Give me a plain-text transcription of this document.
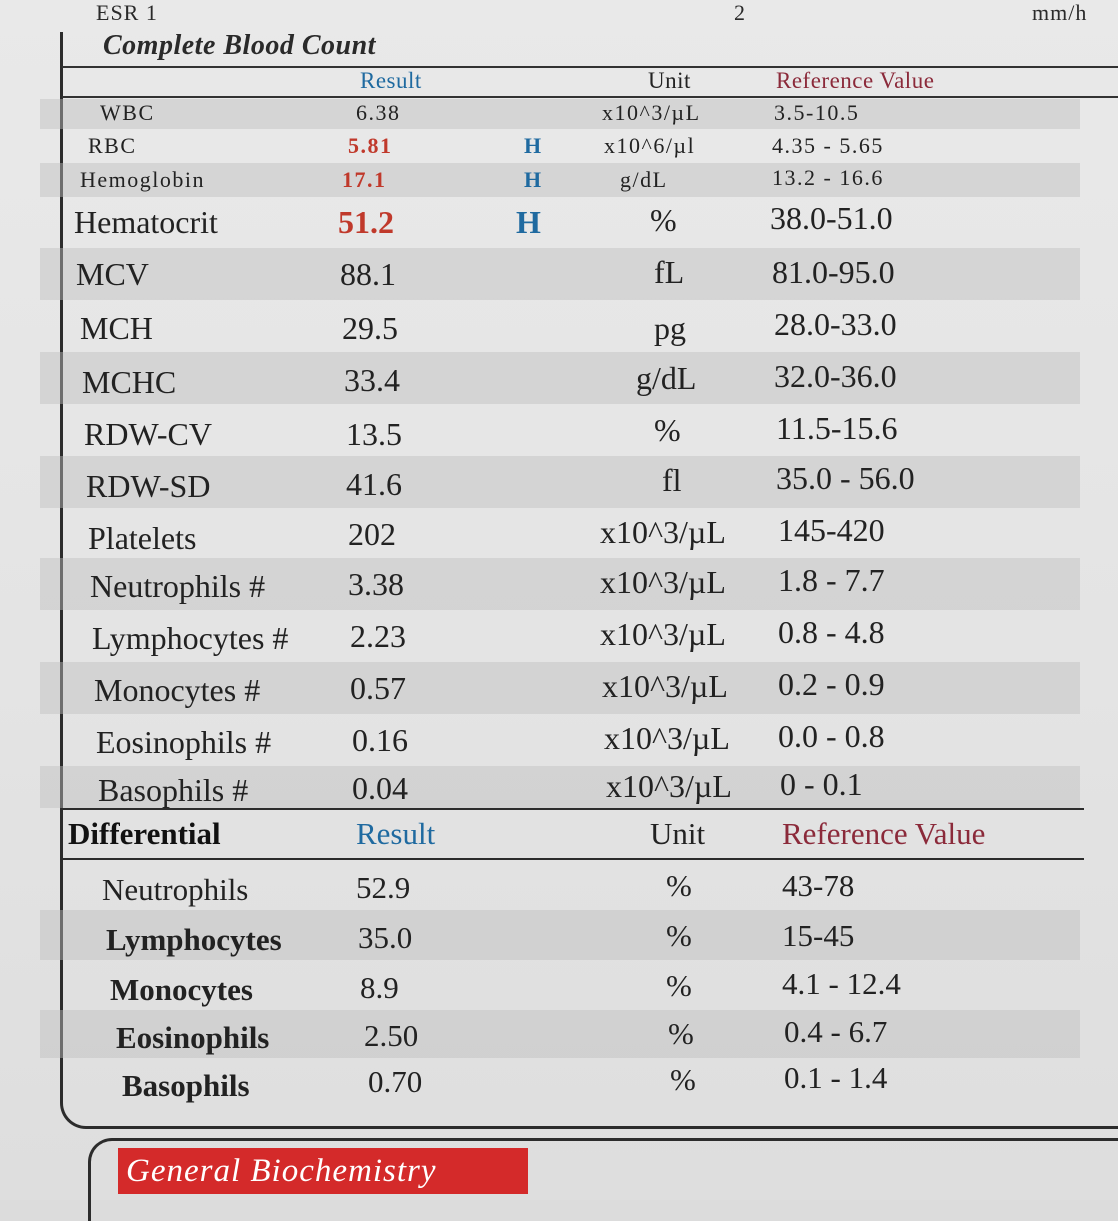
ESR 1	2	mm/h
Complete Blood Count
Result	Unit	Reference Value
WBC	6.38	x10^3/µL	3.5-10.5
RBC	5.81	H	x10^6/µl	4.35 - 5.65
Hemoglobin	17.1	H	g/dL	13.2 - 16.6
Hematocrit	51.2	H	%	38.0-51.0
MCV	88.1	fL	81.0-95.0
MCH	29.5	pg	28.0-33.0
MCHC	33.4	g/dL 32.0-36.0
RDW-CV	13.5	%	11.5-15.6
RDW-SD	41.6	fl	35.0 - 56.0
Platelets	202	x10^3/µL 145-420
Neutrophils #	3.38	x10^3/µL 1.8 - 7.7
Lymphocytes # 2.23	x10^3/µL 0.8 - 4.8
Monocytes #	0.57	x10^3/µL 0.2 - 0.9
Eosinophils #	0.16	x10^3/µL 0.0 - 0.8
Basophils #	0.04	x10^3/µL 0 - 0.1
Differential	Result	Unit Reference Value
Neutrophils	52.9	%	43-78
Lymphocytes 35.0	%	15-45
Monocytes	8.9	%	4.1 - 12.4
Eosinophils	2.50	%	0.4 - 6.7
Basophils	0.70	%	0.1 - 1.4
General Biochemistry
